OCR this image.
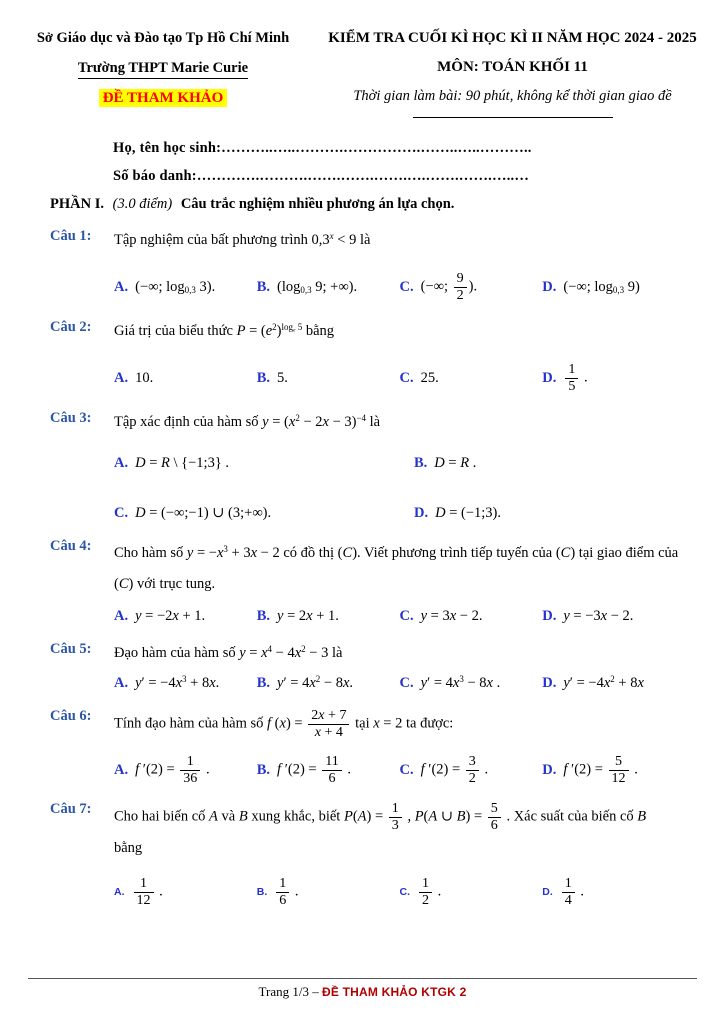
Sở Giáo dục và Đào tạo Tp Hồ Chí Minh
Trường THPT Marie Curie
ĐỀ THAM KHẢO
KIỂM TRA CUỐI KÌ HỌC KÌ II NĂM HỌC 2024 - 2025
MÔN: TOÁN KHỐI 11
Thời gian làm bài: 90 phút, không kể thời gian giao đề
Họ, tên học sinh:………..…..……….…………….……..…..………..
Số báo danh:………….……….…….…….…….….…….…….…..…
PHẦN I. (3.0 điểm) Câu trắc nghiệm nhiều phương án lựa chọn.
Câu 1:	Tập nghiệm của bất phương trình $0,3^x < 9$ là
A. (−∞; $\log_{0,3} 3$).	B. ($\log_{0,3}$ 9; +∞).	C. (−∞; $\frac{9}{2}$ ).	D. (−∞; $\log_{0,3} 9$)
Câu 2:	Giá trị của biểu thức $P = (e^2)^{log_e 5}$ bằng
A. 10.	B. 5.	C. 25.	D. $\frac{1}{5}$ .
Câu 3:	Tập xác định của hàm số $y = (x^2 - 2x - 3)^{-4}$ là
A. D = R \ {−1;3} .	B. D = R .
C. D = (−∞;−1) ∪ (3;+∞).	D. D = (−1;3).
Câu 4:	Cho hàm số $y = -x^3 + 3x - 2$ có đồ thị (C). Viết phương trình tiếp tuyến của (C) tại giao điểm của (C) với trục tung.
A. y = −2x + 1.	B. y = 2x + 1.	C. y = 3x − 2.	D. y = −3x − 2.
Câu 5:	Đạo hàm của hàm số $y = x^4 - 4x^2 - 3$ là
A. $y' = -4x^3 + 8x$.	B. $y' = 4x^2 - 8x$.	C. $y' = 4x^3 - 8x$ .	D. $y' = -4x^2 + 8x$
Câu 6:	Tính đạo hàm của hàm số f $(x) = \frac{2x + 7}{x + 4}$ tại x = 2 ta được:
A. f $'(2) = \frac{1}{36}$ .	B. f $'(2) = \frac{11}{6}$ .	C. f $'(2) = \frac{3}{2}$ .	D. f $'(2) = \frac{5}{12}$ .
Câu 7:	Cho hai biến cố A và B xung khắc, biết $P(A) = \frac{1}{3}$ , P(A ∪ $B) = \frac{5}{6}$ . Xác suất của biến cố B
bằng
A. $\frac{1}{12}$ .	B. $\frac{1}{6}$ .	C. $\frac{1}{2}$ .	D. $\frac{1}{4}$ .
Trang 1/3 – ĐỀ THAM KHẢO KTGK 2
